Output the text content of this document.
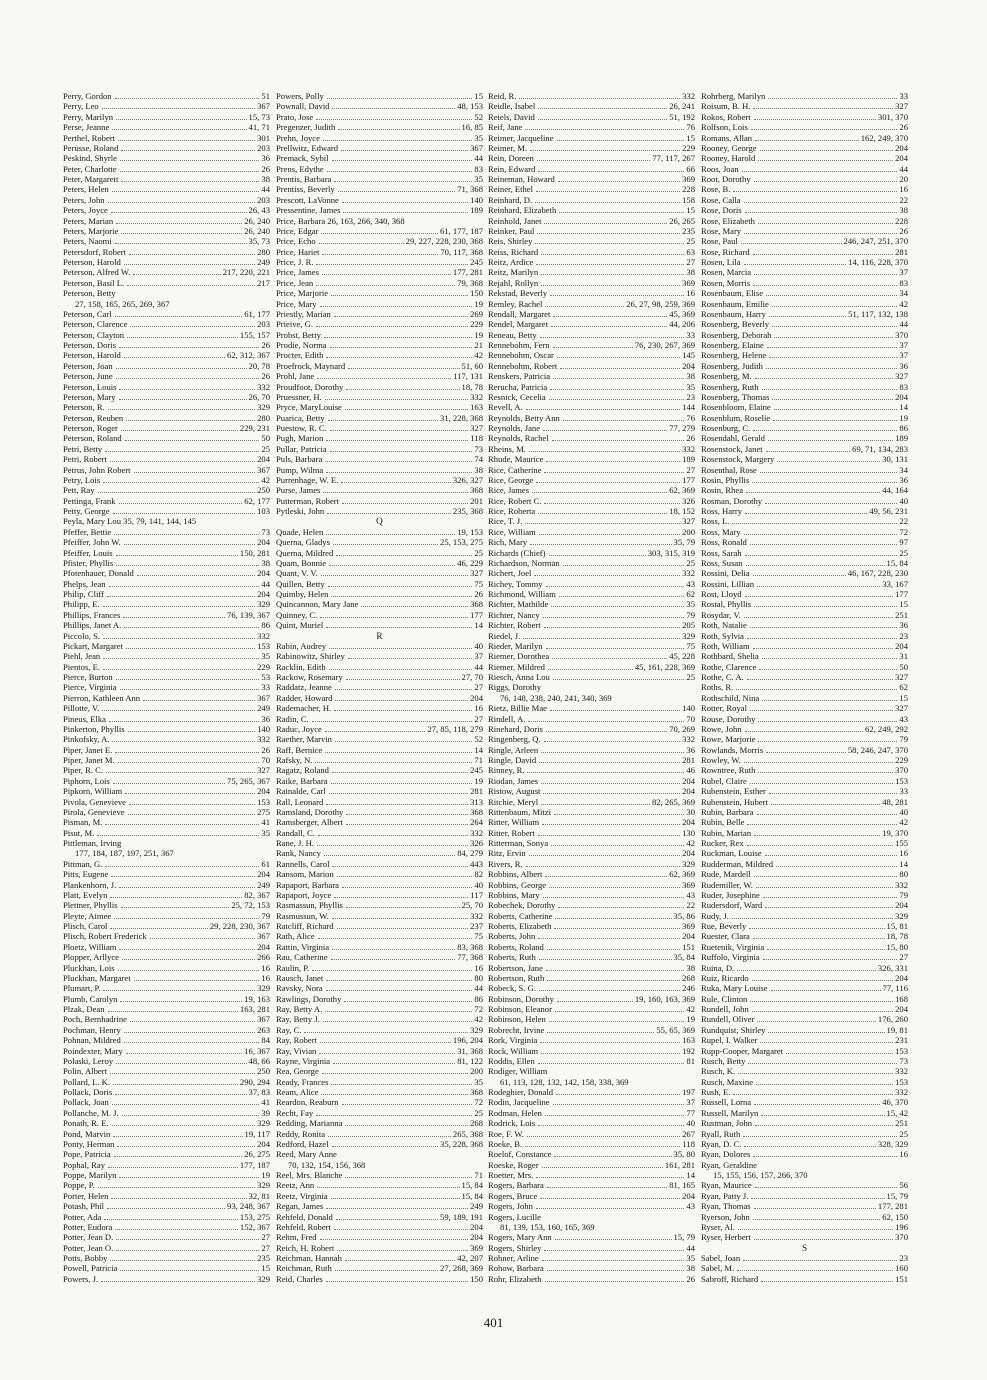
Perry, Gordon	51
Perry, Leo	367
Perry, Marilyn	15, 73
Perse, Jeanne	41, 71
Perthel, Robert	301
Perusse, Roland	203
Peskind, Shyrle	36
Peter, Charlotte	26
Peter, Margarett	38
Peters, Helen	44
Peters, John	203
Peters, Joyce	26, 43
Peters, Marian	26, 240
Peters, Marjorie	26, 240
Peters, Naomi	35, 73
Petersdorf, Robert	280
Peterson, Harold	249
Peterson, Alfred W.	217, 220, 221
Peterson, Basil L.	217
Peterson, Betty
27, 158, 165, 265, 269, 367
Peterson, Carl	61, 177
Peterson, Clarence	203
Peterson, Clayton	155, 157
Peterson, Doris	26
Peterson, Harold	62, 312, 367
Peterson, Joan	20, 78
Peterson, June	26
Peterson, Louis	332
Peterson, Mary	26, 70
Peterson, R.	329
Peterson, Reuben	280
Peterson, Roger	229, 231
Peterson, Roland	50
Petri, Betty	25
Petri, Robert	204
Petrus, John Robert	367
Petry, Lois	42
Pett, Ray	250
Pettinga, Frank	62, 177
Petty, George	103
Peyla, Mary Lou 35, 79, 141, 144, 145
Pfeffer, Bettie	73
Pfeiffer, John W.	204
Pfeiffer, Louis	150, 281
Pfister, Phyllis	38
Pfotenhauer, Donald	204
Phelps, Jean	44
Philip, Cliff	204
Philipp, E.	329
Phillips, Frances	76, 139, 367
Phillips, Janet A.	86
Piccolo, S.	332
Pickart, Margaret	153
Piehl, Jean	35
Pientos, E.	229
Pierce, Burton	53
Pierce, Virginia	33
Pierron, Kathleen Ann	367
Pillotte, V.	249
Pineus, Elka	36
Pinkerton, Phyllis	140
Pinkofsky, A.	332
Piper, Janet E.	26
Piper, Janet M.	70
Piper, R. C.	327
Piphorn, Lois	75, 265, 367
Pipkorn, William	204
Pivola, Genevieve	153
Pirola, Genevieve	275
Pisman, M.	41
Pisut, M.	35
Pittleman, Irving
177, 184, 187, 197, 251, 367
Pittman, G.	61
Pitts, Eugene	204
Plankenhorn, J.	249
Platt, Evelyn	82, 367
Plettner, Phyllis	25, 72, 153
Pleyte, Aimee	79
Plisch, Carol	29, 228, 230, 367
Plisch, Robert Frederick	367
Ploetz, William	204
Plopper, Arllyce	266
Pluckhan, Lois	16
Pluckhan, Margaret	16
Plumart, P.	329
Plumb, Carolyn	19, 163
Plzak, Dean	163, 281
Poch, Bernhadrine	367
Pochman, Henry	263
Pohnan, Mildred	84
Poindexter, Mary	16, 367
Polaski, Leroy	48, 66
Polin, Albert	250
Pollard, L. K.	290, 294
Pollack, Doris	37, 83
Pollack, Joan	41
Pollanche, M. J.	39
Ponath, R. E.	329
Pond, Marvin	19, 117
Ponty, Herman	204
Pope, Patricia	26, 275
Pophal, Ray	177, 187
Poppe, Marilyn	19
Poppe, P.	329
Porter, Helen	32, 81
Potash, Phil	93, 248, 367
Potter, Ada	153, 275
Potter, Eudora	152, 367
Potter, Jean D.	27
Potter, Jean O.	27
Potts, Bobby	235
Powell, Patricia	15
Powers, J.	329
Powers, Polly	15
Pownall, David	48, 153
Prato, Jose	52
Pregenzer, Judith	16, 85
Prehn, Joyce	35
Prellwitz, Edward	367
Premack, Sybil	44
Prens, Edythe	83
Prentis, Barbara	35
Prentiss, Beverly	71, 368
Prescott, LaVonne	140
Pressentine, James	189
Price, Barbara 26, 163, 266, 340, 368
Price, Edgar	61, 177, 187
Price, Echo	29, 227, 228, 230, 368
Price, Hariet	70, 117, 368
Price, J. R.	245
Price, James	177, 281
Price, Jean	79, 368
Price, Marjorie	150
Price, Mary	19
Priestly, Marian	269
Prieive, G.	229
Probst, Betty	19
Prodie, Norma	21
Procter, Edith	42
Proefrock, Maynard	51, 60
Prohl, Jane	117, 131
Proudfoot, Dorothy	18, 78
Pruessner, H.	332
Pryce, MaryLouise	163
Puarica, Betty	31, 228, 368
Puestow, R. C.	327
Pugh, Marion	118
Pullar, Patricia	73
Puls, Barbara	74
Pump, Wilma	38
Purrenhage, W. E.	326, 327
Purse, James	368
Putterman, Robert	201
Pytleski, John	235, 368
Q
Quade, Helen	19, 153
Querna, Gladys	25, 153, 275
Querna, Mildred	25
Quam, Bonnie	46, 229
Quant, V. V.	327
Quillen, Betty	75
Quimby, Helen	26
Quincannon, Mary Jane	368
Quinney, C.	177
Quint, Muriel	14
R
Rabin, Audrey	40
Rabinowitz, Shirley	37
Racklin, Edith	44
Rackow, Rosemary	27, 70
Raddatz, Jeanne	27
Radder, Howard	204
Rademacher, H.	16
Radin, C.	27
Raduc, Joyce	27, 85, 118, 279
Raether, Marvin	52
Raff, Bernice	14
Rafsky, N.	71
Ragatz, Roland	245
Raike, Barbara	19
Rainalde, Carl	281
Rall, Leonard	313
Ramsland, Dorothy	368
Ramsberger, Albert	264
Randall, C.	332
Rane, J. H.	326
Rank, Nancy	84, 279
Rannells, Carol	443
Ransom, Marion	82
Rapaport, Barbara	40
Rapaport, Joyce	117
Rasmassun, Phyllis	25, 70
Rasmussun, W.	332
Ratcliff, Richard	237
Rath, Alice	75
Rattin, Virginia	83, 368
Rau, Catherine	77, 368
Raulin, P.	16
Rausch, Janet	80
Ravsky, Nora	44
Rawlings, Dorothy	86
Ray, Betty A.	72
Ray, Betty J.	42
Ray, C.	329
Ray, Robert	196, 204
Ray, Vivian	31, 368
Rayne, Virginia	81, 122
Rea, George	200
Ready, Frances	35
Ream, Alice	368
Reardon, Reaburn	72
Recht, Fay	25
Redding, Marianna	268
Reddy, Ronita	265, 368
Redford, Hazel	35, 228, 368
Reed, Mary Anne
70, 132, 154, 156, 368
Reel, Mrs. Blanche	71
Reetz, Ann	15, 84
Reetz, Virginia	15, 84
Regan, James	249
Rehfeld, Donald	59, 189, 191
Rehfeld, Robert	204
Rehm, Fred	204
Reich, H. Robert	369
Reichman, Hannah	42, 207
Reichman, Ruth	27, 268, 369
Reid, Charles	150
Reid, R.	332
Reidle, Isabel	26, 241
Reiels, David	51, 192
Reif, Jane	76
Reimer, Jacqueline	15
Reimer, M.	229
Rein, Doreen	77, 117, 267
Rein, Edward	66
Reineman, Howard	369
Reiner, Ethel	228
Reinhard, D.	158
Reinhard, Elizabeth	15
Reinhold, Janet	26, 265
Reinker, Paul	235
Reis, Shirley	25
Reiss, Richard	63
Reitz, Ardice	27
Reitz, Marilyn	38
Rejahl, Rollyn	369
Rekstad, Beverly	16
Remley, Rachel	26, 27, 98, 259, 369
Rendall, Margaret	45, 369
Rendel, Margaret	44, 206
Reneau, Betty	33
Rennebohm, Fern	76, 230, 267, 369
Rennebohm, Oscar	145
Rennebohm, Robert	204
Renskers, Patricia	38
Rerucha, Patricia	35
Resnick, Cecelia	23
Revell, A.	144
Reynolds, Betty Ann	76
Reynolds, Jane	77, 279
Reynolds, Rachel	26
Rheins, M.	332
Rhude, Maurice	189
Rice, Catherine	27
Rice, George	177
Rice, James	62, 369
Rice, Robert C.	326
Rice, Roberta	18, 152
Rice, T. J.	327
Rice, William	200
Rich, Mary	35, 79
Richards (Chief)	303, 315, 319
Richardson, Norman	25
Richert, Joel	332
Richey, Tommy	43
Richmond, William	62
Richter, Mathilde	35
Richter, Nancy	79
Richter, Robert	205
Riedel, J.	329
Rieder, Marilyn	75
Riemer, Dorothea	45, 228
Riemer, Mildred	45, 161, 228, 369
Riesch, Anna Lou	25
Riggs, Dorothy
76, 148, 238, 240, 241, 340, 369
Rietz, Billie Mae	140
Rindell, A.	70
Rinehard, Doris	70, 269
Ringenberg, Q.	332
Ringle, Arleen	36
Ringle, David	281
Rinney, R.	46
Riodan, James	204
Ristow, August	204
Ritchie, Meryl	82, 265, 369
Rittenbaum, Mitzi	30
Ritter, William	204
Ritter, Robert	130
Ritterman, Sonya	42
Ritz, Ervin	204
Rivers, R.	329
Robbins, Albert	62, 369
Robbins, George	369
Robbins, Mary	43
Robechek, Dorothy	22
Roberts, Catherine	35, 86
Roberts, Elizabeth	369
Roberts, John	204
Roberts, Roland	151
Roberts, Ruth	35, 84
Robertson, Jane	38
Robertson, Ruth	268
Robeck, S. G.	246
Robinson, Dorothy	19, 160, 163, 369
Robinson, Eleanor	42
Robinson, Helen	19
Robrecht, Irvine	55, 65, 369
Rork, Virginia	163
Rock, William	192
Roddis, Ellen	81
Rodiger, William
61, 113, 128, 132, 142, 158, 338, 369
Rodeghier, Donald	197
Rodin, Jacqueline	37
Rodman, Helen	77
Rodrick, Lois	40
Roe, F. W.	267
Roeke, B.	118
Roelof, Constance	35, 80
Roeske, Roger	161, 281
Roetter, Mrs.	14
Rogers, Barbara	81, 165
Rogers, Bruce	204
Rogers, John	43
Rogers, Lucille
81, 139, 153, 160, 165, 369
Rogers, Mary Ann	15, 79
Rogers, Shirley	44
Rohner, Arline	35
Rohow, Barbara	38
Rohr, Elizabeth	26
Rohrberg, Marilyn	33
Roisum, B. H.	327
Rokos, Robert	301, 370
Rolfson, Lois	26
Romans, Allan	162, 249, 370
Rooney, George	204
Rooney, Harold	204
Roos, Joan	44
Root, Dorothy	20
Rose, B.	16
Rose, Calla	22
Rose, Doris	38
Rose, Elizabeth	228
Rose, Mary	26
Rose, Paul	246, 247, 251, 370
Rose, Richard	281
Rosen, Lila	14, 116, 228, 370
Rosen, Marcia	37
Rosen, Morris	83
Rosenbaum, Elise	34
Rosenbaum, Emilie	42
Rosenbaum, Harry	51, 117, 132, 138
Rosenberg, Beverly	44
Rosenberg, Deborah	370
Rosenberg, Elaine	37
Rosenberg, Helene	37
Rosenberg, Judith	36
Rosenberg, M.	327
Rosenberg, Ruth	83
Rosenberg, Thomas	204
Rosenbloom, Elaine	14
Rosenblum, Roselie	19
Rosenburg, C.	86
Rosendahl, Gerald	189
Rosenstock, Janet	69, 71, 134, 283
Rosenstock, Margery	30, 131
Rosenthal, Rose	34
Rosin, Phyllis	36
Rosin, Rhea	44, 164
Rosman, Dorothy	40
Ross, Harry	49, 56, 231
Ross, L.	22
Ross, Mary	72
Ross, Ronald	97
Ross, Sarah	25
Ross, Susan	15, 84
Rossini, Delia	46, 167, 228, 230
Rossini, Lillian	33, 167
Rost, Lloyd	177
Rostal, Phyllis	15
Rosydar, V.	251
Roth, Natalie	36
Roth, Sylvia	23
Roth, William	204
Rothbard, Shelia	31
Rothe, Clarence	50
Rothe, C. A.	327
Roths, R.	62
Rothschild, Nina	15
Rotter, Royal	327
Rouse, Dorothy	43
Rowe, John	62, 249, 292
Rowe, Marjorie	79
Rowlands, Morris	58, 246, 247, 370
Rowley, W.	229
Rowntree, Ruth	370
Rubel, Claire	153
Rubenstein, Esther	33
Rubenstein, Hubert	48, 281
Rubin, Barbara	40
Rubin, Belle	42
Rubin, Marian	19, 370
Rucker, Rex	155
Ruckman, Louise	16
Rudderman, Mildred	14
Rude, Mardell	80
Rudemiller, W.	332
Ruder, Josephine	79
Rudersdorf, Ward	204
Rudy, J.	329
Rue, Beverly	15, 81
Ruester, Clara	18, 78
Ruetenik, Virginia	15, 80
Ruffolo, Virginia	27
Ruina, D.	326, 331
Ruiz, Ricardo	204
Ruka, Mary Louise	77, 116
Rule, Clinton	168
Rundell, John	204
Rundell, Oliver	176, 260
Rundquist, Shirley	19, 81
Rupel, I. Walker	231
Rupp-Cooper, Margaret	153
Rusch, Betty	73
Rusch, K.	332
Rusch, Maxine	153
Rush, E.	332
Russell, Lorna	46, 370
Russell, Marilyn	15, 42
Rustman, John	251
Ryall, Ruth	25
Ryan, D. C.	328, 329
Ryan, Dolores	16
Ryan, Geraldine
15, 155, 156, 157, 266, 370
Ryan, Maurice	56
Ryan, Patty J.	15, 79
Ryan, Thomas	177, 281
Ryerson, John	62, 150
Ryser, Al.	196
Ryser, Herbert	370
S
Sabel, Joan	23
Sabel, M.	160
Sabroff, Richard	151
401
